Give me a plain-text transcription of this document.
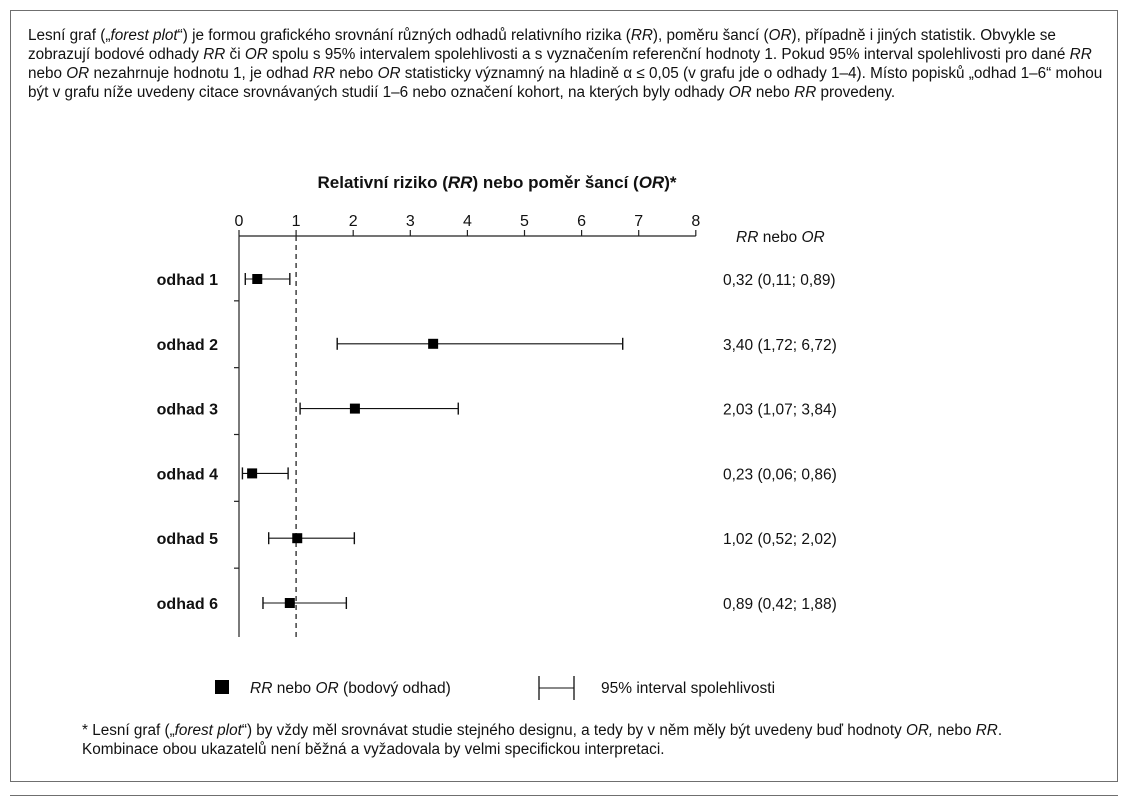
Lesní graf („forest plot“) je formou grafického srovnání různých odhadů relativního rizika (RR), poměru šancí (OR), případně i jiných statistik. Obvykle se zobrazují bodové odhady RR či OR spolu s 95% intervalem spolehlivosti a s vyznačením referenční hodnoty 1. Pokud 95% interval spolehlivosti pro dané RR nebo OR nezahrnuje hodnotu 1, je odhad RR nebo OR statisticky významný na hladině α ≤ 0,05 (v grafu jde o odhady 1–4). Místo popisků „odhad 1–6“ mohou být v grafu níže uvedeny citace srovnávaných studií 1–6 nebo označení kohort, na kterých byly odhady OR nebo RR provedeny.

Relativní riziko (RR) nebo poměr šancí (OR)*
0	1	2	3	4	5	6	7	8
RR nebo OR
odhad 1	0,32 (0,11; 0,89)
odhad 2	3,40 (1,72; 6,72)
odhad 3	2,03 (1,07; 3,84)
odhad 4	0,23 (0,06; 0,86)
odhad 5	1,02 (0,52; 2,02)
odhad 6	0,89 (0,42; 1,88)
RR nebo OR (bodový odhad)	95% interval spolehlivosti

* Lesní graf („forest plot“) by vždy měl srovnávat studie stejného designu, a tedy by v něm měly být uvedeny buď hodnoty OR, nebo RR. Kombinace obou ukazatelů není běžná a vyžadovala by velmi specifickou interpretaci.
